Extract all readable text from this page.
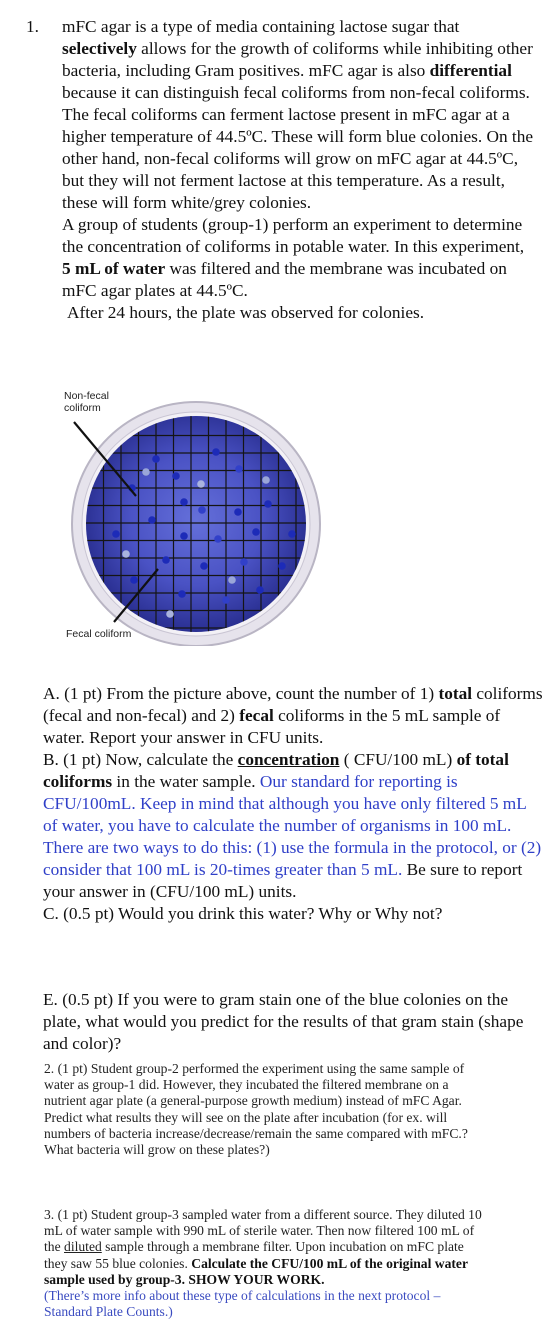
1. mFC agar is a type of media containing lactose sugar that selectively allows for the growth of coliforms while inhibiting other bacteria, including Gram positives. mFC agar is also differential because it can distinguish fecal coliforms from non-fecal coliforms. The fecal coliforms can ferment lactose present in mFC agar at a higher temperature of 44.5ºC. These will form blue colonies. On the other hand, non-fecal coliforms will grow on mFC agar at 44.5ºC, but they will not ferment lactose at this temperature. As a result, these will form white/grey colonies.

A group of students (group-1) perform an experiment to determine the concentration of coliforms in potable water. In this experiment, 5 mL of water was filtered and the membrane was incubated on mFC agar plates at 44.5ºC.

After 24 hours, the plate was observed for colonies.

Non-fecal
coliform
Fecal coliform

A. (1 pt) From the picture above, count the number of 1) total coliforms (fecal and non-fecal) and 2) fecal coliforms in the 5 mL sample of water. Report your answer in CFU units.

B. (1 pt) Now, calculate the concentration ( CFU/100 mL) of total coliforms in the water sample. Our standard for reporting is CFU/100mL. Keep in mind that although you have only filtered 5 mL of water, you have to calculate the number of organisms in 100 mL. There are two ways to do this: (1) use the formula in the protocol, or (2) consider that 100 mL is 20-times greater than 5 mL. Be sure to report your answer in (CFU/100 mL) units.

C. (0.5 pt) Would you drink this water? Why or Why not?

E. (0.5 pt) If you were to gram stain one of the blue colonies on the plate, what would you predict for the results of that gram stain (shape and color)?

2. (1 pt) Student group-2 performed the experiment using the same sample of water as group-1 did. However, they incubated the filtered membrane on a nutrient agar plate (a general-purpose growth medium) instead of mFC Agar. Predict what results they will see on the plate after incubation (for ex. will numbers of bacteria increase/decrease/remain the same compared with mFC.? What bacteria will grow on these plates?)

3. (1 pt) Student group-3 sampled water from a different source. They diluted 10 mL of water sample with 990 mL of sterile water. Then now filtered 100 mL of the diluted sample through a membrane filter. Upon incubation on mFC plate they saw 55 blue colonies. Calculate the CFU/100 mL of the original water sample used by group-3. SHOW YOUR WORK.

(There’s more info about these type of calculations in the next protocol – Standard Plate Counts.)
